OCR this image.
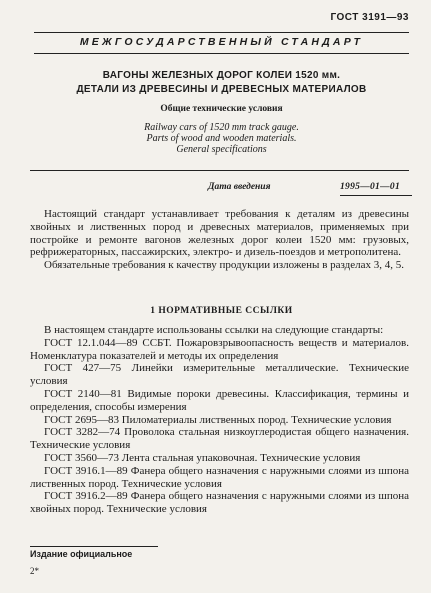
ГОСТ 3191—93
МЕЖГОСУДАРСТВЕННЫЙ СТАНДАРТ
ВАГОНЫ ЖЕЛЕЗНЫХ ДОРОГ КОЛЕИ 1520 мм.
ДЕТАЛИ ИЗ ДРЕВЕСИНЫ И ДРЕВЕСНЫХ МАТЕРИАЛОВ
Общие технические условия
Railway cars of 1520 mm track gauge.
Parts of wood and wooden materials.
General specifications
Дата введения	1995—01—01

Настоящий стандарт устанавливает требования к деталям из древесины хвойных и лиственных пород и древесных материалов, применяемых при постройке и ремонте вагонов железных дорог колеи 1520 мм: грузовых, рефрижераторных, пассажирских, электро- и дизель-поездов и метрополитена.

Обязательные требования к качеству продукции изложены в разделах 3, 4, 5.

1 НОРМАТИВНЫЕ ССЫЛКИ

В настоящем стандарте использованы ссылки на следующие стандарты:

ГОСТ 12.1.044—89 ССБТ. Пожаровзрывоопасность веществ и материалов. Номенклатура показателей и методы их определения

ГОСТ 427—75 Линейки измерительные металлические. Технические условия

ГОСТ 2140—81 Видимые пороки древесины. Классификация, термины и определения, способы измерения

ГОСТ 2695—83 Пиломатериалы лиственных пород. Технические условия

ГОСТ 3282—74 Проволока стальная низкоуглеродистая общего назначения. Технические условия

ГОСТ 3560—73 Лента стальная упаковочная. Технические условия

ГОСТ 3916.1—89 Фанера общего назначения с наружными слоями из шпона лиственных пород. Технические условия

ГОСТ 3916.2—89 Фанера общего назначения с наружными слоями из шпона хвойных пород. Технические условия

Издание официальное
2*
